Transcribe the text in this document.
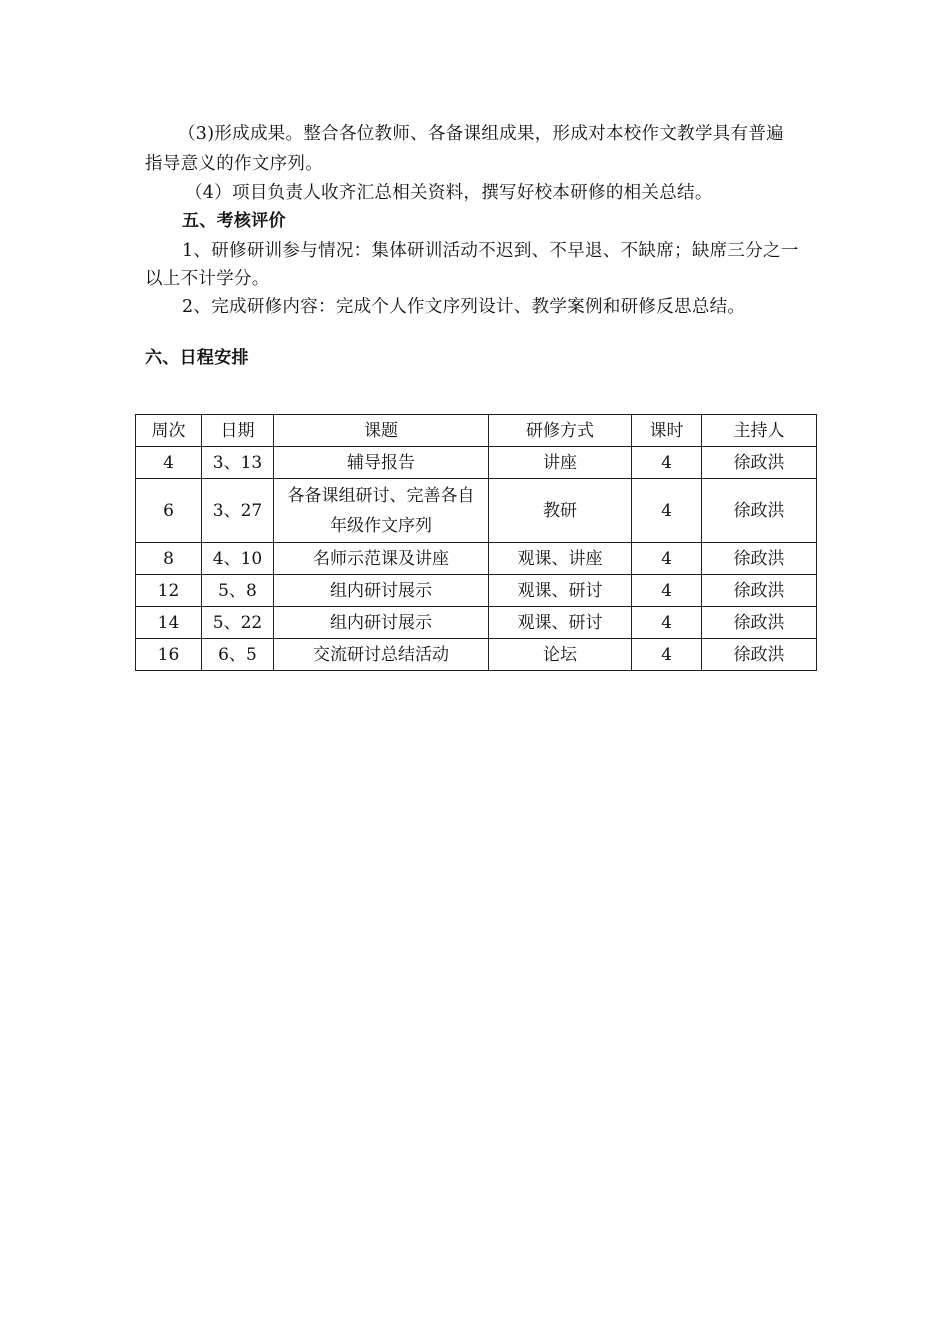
（3)形成成果。整合各位教师、各备课组成果，形成对本校作文教学具有普遍
指导意义的作文序列。
（4）项目负责人收齐汇总相关资料，撰写好校本研修的相关总结。
五、考核评价
1、研修研训参与情况：集体研训活动不迟到、不早退、不缺席；缺席三分之一
以上不计学分。
2、完成研修内容：完成个人作文序列设计、教学案例和研修反思总结。
六、日程安排
周次	日期	课题	研修方式	课时	主持人
4	3、13	辅导报告	讲座	4	徐政洪
6	3、27	各备课组研讨、完善各自年级作文序列	教研	4	徐政洪
8	4、10	名师示范课及讲座	观课、讲座	4	徐政洪
12	5、8	组内研讨展示	观课、研讨	4	徐政洪
14	5、22	组内研讨展示	观课、研讨	4	徐政洪
16	6、5	交流研讨总结活动	论坛	4	徐政洪
